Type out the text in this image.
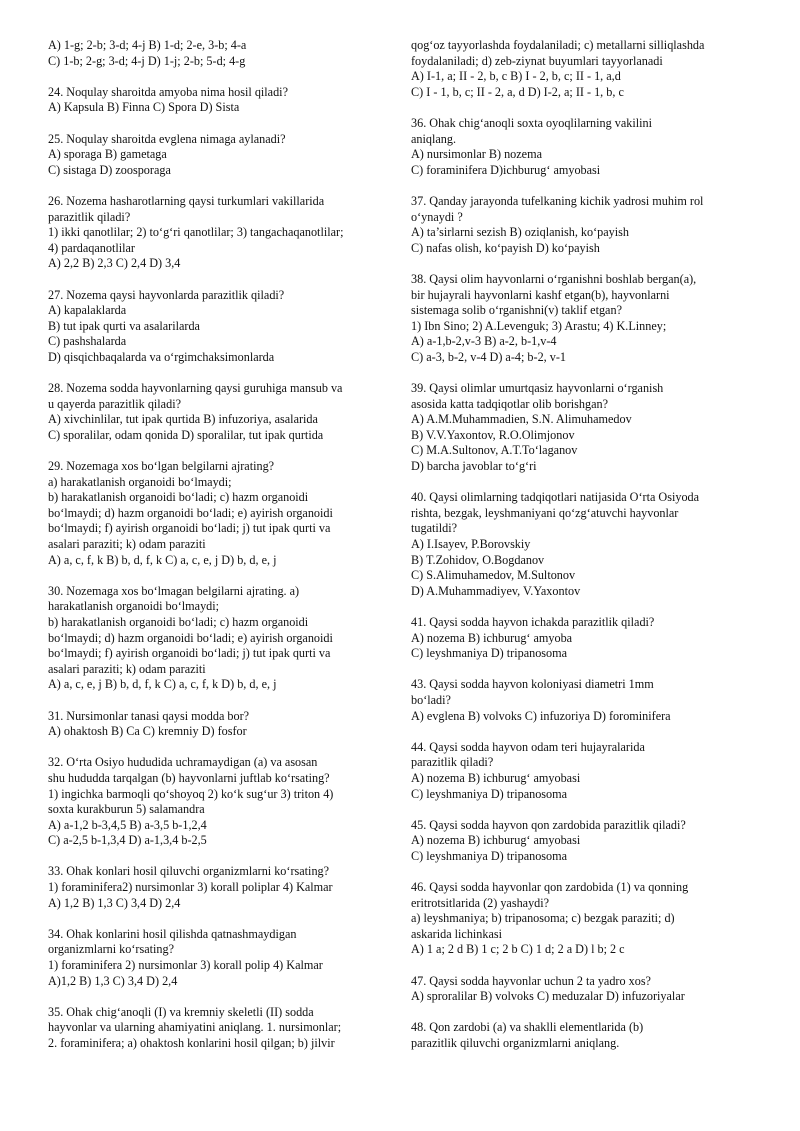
A) 1-g; 2-b; 3-d; 4-j B) 1-d; 2-e, 3-b; 4-a
C) 1-b; 2-g; 3-d; 4-j D) 1-j; 2-b; 5-d; 4-g
24. Noqulay sharoitda amyoba nima hosil qiladi?
A) Kapsula B) Finna C) Spora D) Sista
25. Noqulay sharoitda evglena nimaga aylanadi?
A) sporaga B) gametaga
C) sistaga D) zoosporaga
26. Nozema hasharotlarning qaysi turkumlari vakillarida
parazitlik qiladi?
1) ikki qanotlilar; 2) to‘g‘ri qanotlilar; 3) tangachaqanotlilar;
4) pardaqanotlilar
A) 2,2 B) 2,3 C) 2,4 D) 3,4
27. Nozema qaysi hayvonlarda parazitlik qiladi?
A) kapalaklarda
B) tut ipak qurti va asalarilarda
C) pashshalarda
D) qisqichbaqalarda va o‘rgimchaksimonlarda
28. Nozema sodda hayvonlarning qaysi guruhiga mansub va
u qayerda parazitlik qiladi?
A) xivchinlilar, tut ipak qurtida B) infuzoriya, asalarida
C) sporalilar, odam qonida D) sporalilar, tut ipak qurtida
29. Nozemaga xos bo‘lgan belgilarni ajrating?
a) harakatlanish organoidi bo‘lmaydi;
b) harakatlanish organoidi bo‘ladi; c) hazm organoidi
bo‘lmaydi; d) hazm organoidi bo‘ladi; e) ayirish organoidi
bo‘lmaydi; f) ayirish organoidi bo‘ladi; j) tut ipak qurti va
asalari paraziti; k) odam paraziti
A) a, c, f, k B) b, d, f, k C) a, c, e, j D) b, d, e, j
30. Nozemaga xos bo‘lmagan belgilarni ajrating. a)
harakatlanish organoidi bo‘lmaydi;
b) harakatlanish organoidi bo‘ladi; c) hazm organoidi
bo‘lmaydi; d) hazm organoidi bo‘ladi; e) ayirish organoidi
bo‘lmaydi; f) ayirish organoidi bo‘ladi; j) tut ipak qurti va
asalari paraziti; k) odam paraziti
A) a, c, e, j B) b, d, f, k C) a, c, f, k D) b, d, e, j
31. Nursimonlar tanasi qaysi modda bor?
A) ohaktosh B) Ca C) kremniy D) fosfor
32. O‘rta Osiyo hududida uchramaydigan (a) va asosan
shu hududda tarqalgan (b) hayvonlarni juftlab ko‘rsating?
1) ingichka barmoqli qo‘shoyoq 2) ko‘k sug‘ur 3) triton 4)
soxta kurakburun 5) salamandra
A) a-1,2 b-3,4,5 B) a-3,5 b-1,2,4
C) a-2,5 b-1,3,4 D) a-1,3,4 b-2,5
33. Ohak konlari hosil qiluvchi organizmlarni ko‘rsating?
1) foraminifera2) nursimonlar 3) korall poliplar 4) Kalmar
A) 1,2 B) 1,3 C) 3,4 D) 2,4
34. Ohak konlarini hosil qilishda qatnashmaydigan
organizmlarni ko‘rsating?
1) foraminifera 2) nursimonlar 3) korall polip 4) Kalmar
A)1,2 B) 1,3 C) 3,4 D) 2,4
35. Ohak chig‘anoqli (I) va kremniy skeletli (II) sodda
hayvonlar va ularning ahamiyatini aniqlang. 1. nursimonlar;
2. foraminifera; a) ohaktosh konlarini hosil qilgan; b) jilvir
qog‘oz tayyorlashda foydalaniladi; c) metallarni silliqlashda
foydalaniladi; d) zeb-ziynat buyumlari tayyorlanadi
A) I-1, a; II - 2, b, c B) I - 2, b, c; II - 1, a,d
C) I - 1, b, c; II - 2, a, d D) I-2, a; II - 1, b, c
36. Ohak chig‘anoqli soxta oyoqlilarning vakilini
aniqlang.
A) nursimonlar B) nozema
C) foraminifera D)ichburug‘ amyobasi
37. Qanday jarayonda tufelkaning kichik yadrosi muhim rol
o‘ynaydi ?
A) ta’sirlarni sezish B) oziqlanish, ko‘payish
C) nafas olish, ko‘payish D) ko‘payish
38. Qaysi olim hayvonlarni o‘rganishni boshlab bergan(a),
bir hujayrali hayvonlarni kashf etgan(b), hayvonlarni
sistemaga solib o‘rganishni(v) taklif etgan?
1) Ibn Sino; 2) A.Levenguk; 3) Arastu; 4) K.Linney;
A) a-1,b-2,v-3 B) a-2, b-1,v-4
C) a-3, b-2, v-4 D) a-4; b-2, v-1
39. Qaysi olimlar umurtqasiz hayvonlarni o‘rganish
asosida katta tadqiqotlar olib borishgan?
A) A.M.Muhammadien, S.N. Alimuhamedov
B) V.V.Yaxontov, R.O.Olimjonov
C) M.A.Sultonov, A.T.To‘laganov
D) barcha javoblar to‘g‘ri
40. Qaysi olimlarning tadqiqotlari natijasida O‘rta Osiyoda
rishta, bezgak, leyshmaniyani qo‘zg‘atuvchi hayvonlar
tugatildi?
A) I.Isayev, P.Borovskiy
B) T.Zohidov, O.Bogdanov
C) S.Alimuhamedov, M.Sultonov
D) A.Muhammadiyev, V.Yaxontov
41. Qaysi sodda hayvon ichakda parazitlik qiladi?
A) nozema B) ichburug‘ amyoba
C) leyshmaniya D) tripanosoma
43. Qaysi sodda hayvon koloniyasi diametri 1mm
bo‘ladi?
A) evglena B) volvoks C) infuzoriya D) forominifera
44. Qaysi sodda hayvon odam teri hujayralarida
parazitlik qiladi?
A) nozema B) ichburug‘ amyobasi
C) leyshmaniya D) tripanosoma
45. Qaysi sodda hayvon qon zardobida parazitlik qiladi?
A) nozema B) ichburug‘ amyobasi
C) leyshmaniya D) tripanosoma
46. Qaysi sodda hayvonlar qon zardobida (1) va qonning
eritrotsitlarida (2) yashaydi?
a) leyshmaniya; b) tripanosoma; c) bezgak paraziti; d)
askarida lichinkasi
A) 1 a; 2 d B) 1 c; 2 b C) 1 d; 2 a D) l b; 2 c
47. Qaysi sodda hayvonlar uchun 2 ta yadro xos?
A) sproralilar B) volvoks C) meduzalar D) infuzoriyalar
48. Qon zardobi (a) va shaklli elementlarida (b)
parazitlik qiluvchi organizmlarni aniqlang.
